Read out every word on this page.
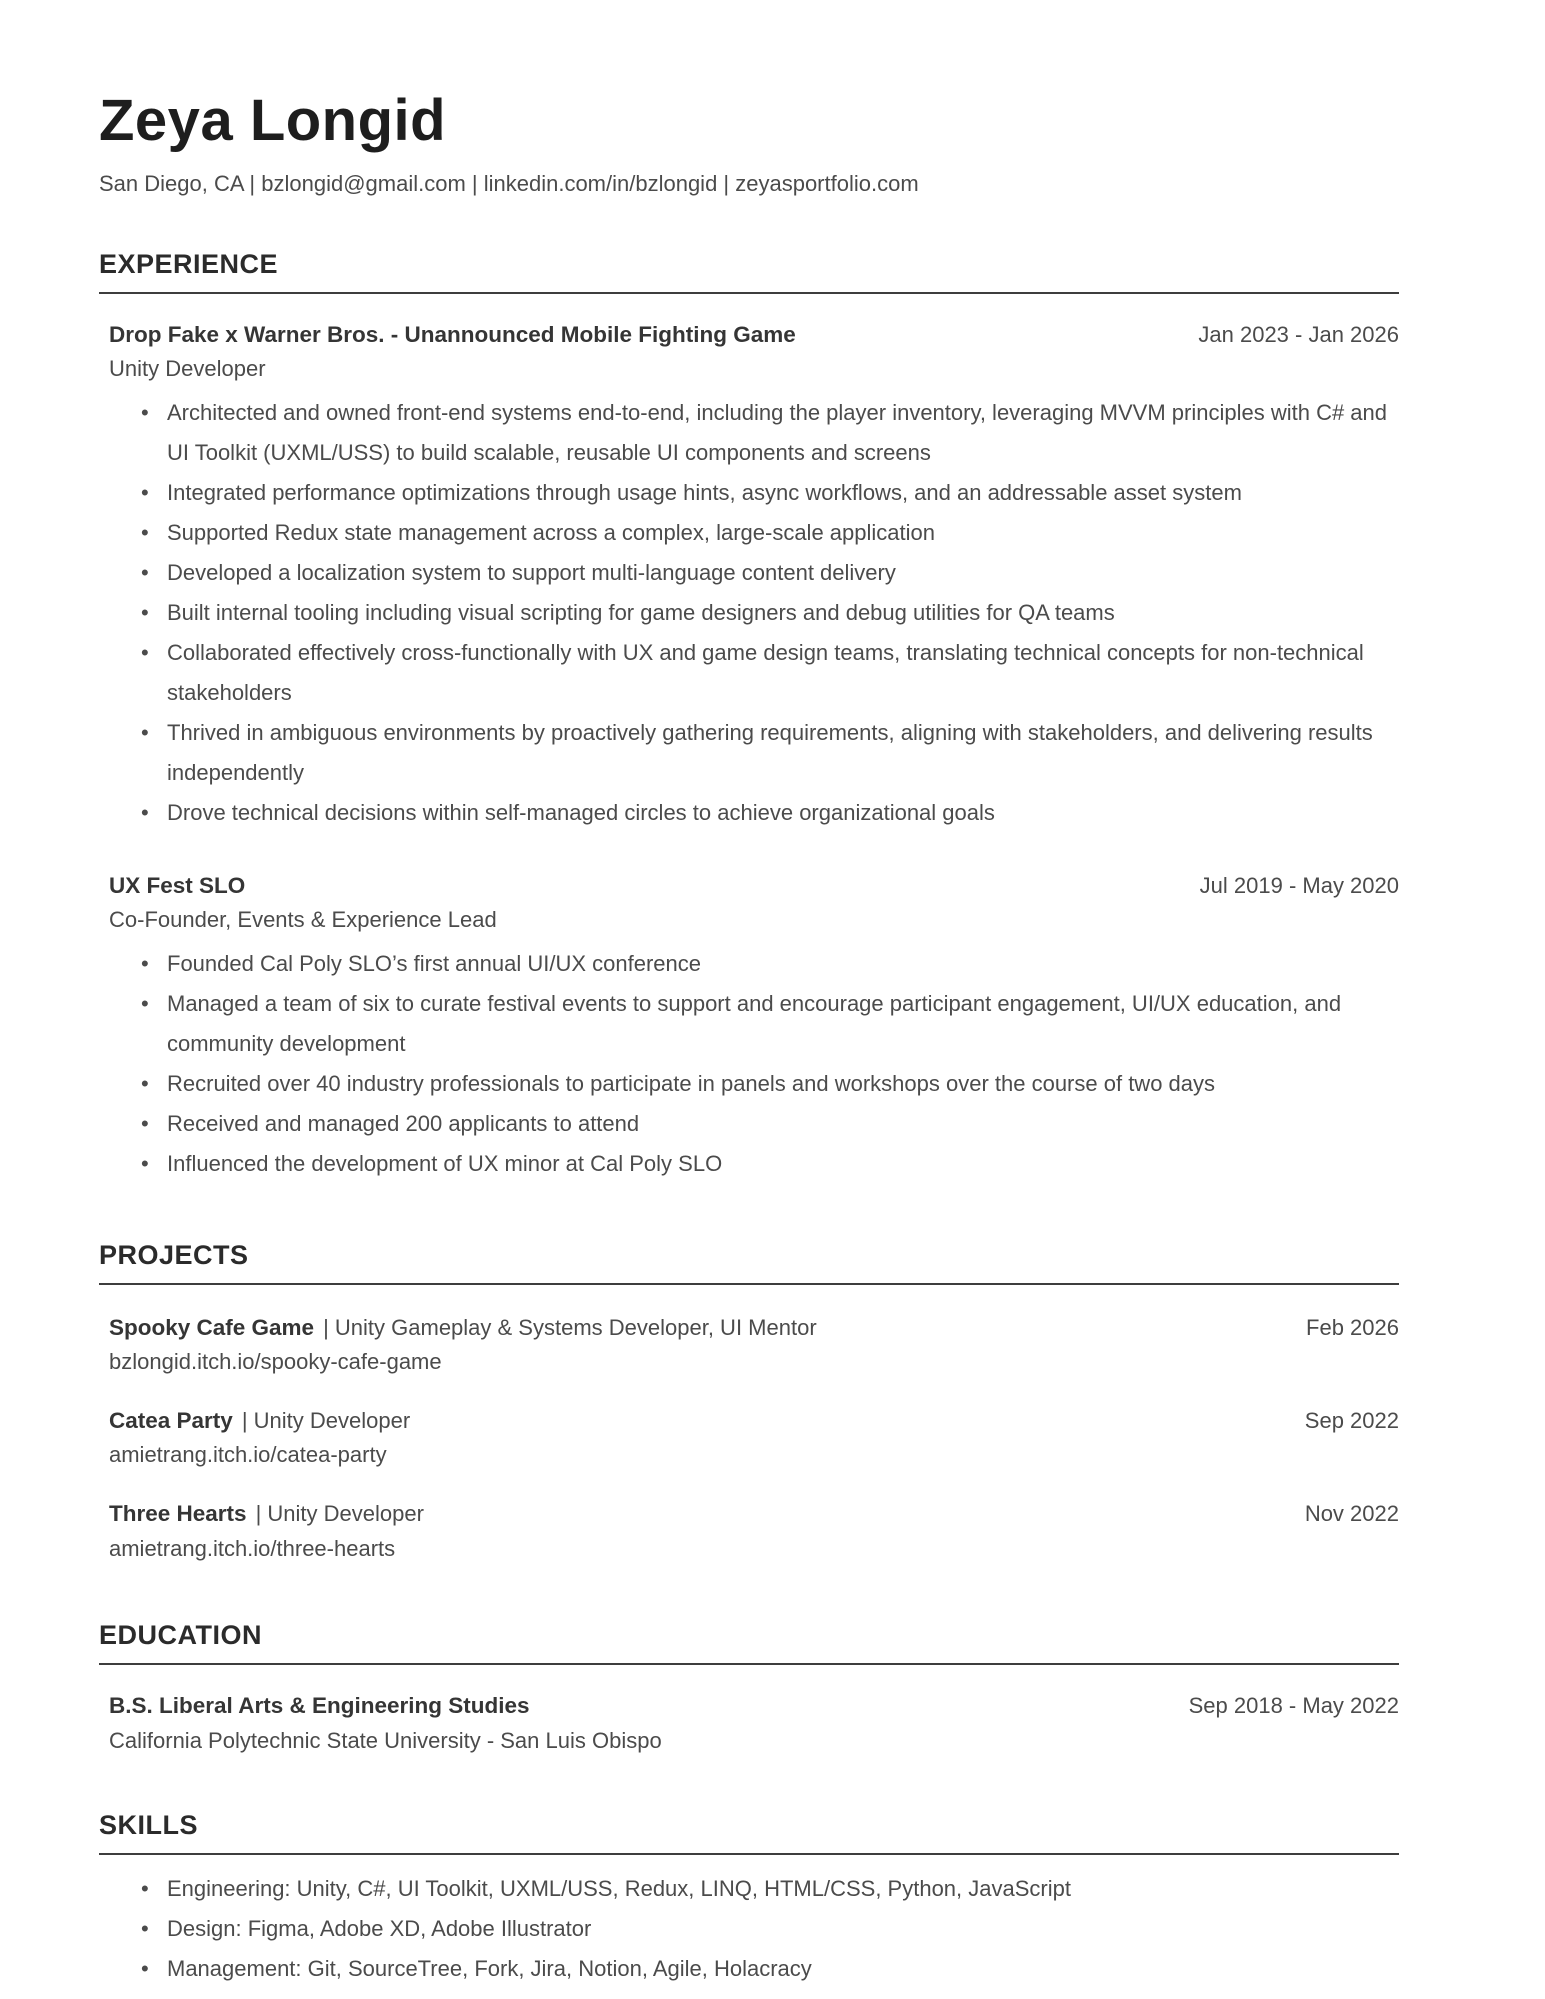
Zeya Longid

San Diego, CA | bzlongid@gmail.com | linkedin.com/in/bzlongid | zeyasportfolio.com

EXPERIENCE
Drop Fake x Warner Bros. - Unannounced Mobile Fighting Game	Jan 2023 - Jan 2026
Unity Developer
• Architected and owned front-end systems end-to-end, including the player inventory, leveraging MVVM principles with C# and UI Toolkit (UXML/USS) to build scalable, reusable UI components and screens
• Integrated performance optimizations through usage hints, async workflows, and an addressable asset system
• Supported Redux state management across a complex, large-scale application
• Developed a localization system to support multi-language content delivery
• Built internal tooling including visual scripting for game designers and debug utilities for QA teams
• Collaborated effectively cross-functionally with UX and game design teams, translating technical concepts for non-technical stakeholders
• Thrived in ambiguous environments by proactively gathering requirements, aligning with stakeholders, and delivering results independently
• Drove technical decisions within self-managed circles to achieve organizational goals
UX Fest SLO	Jul 2019 - May 2020
Co-Founder, Events & Experience Lead
• Founded Cal Poly SLO’s first annual UI/UX conference
• Managed a team of six to curate festival events to support and encourage participant engagement, UI/UX education, and community development
• Recruited over 40 industry professionals to participate in panels and workshops over the course of two days
• Received and managed 200 applicants to attend
• Influenced the development of UX minor at Cal Poly SLO
PROJECTS
Spooky Cafe Game | Unity Gameplay & Systems Developer, UI Mentor	Feb 2026
bzlongid.itch.io/spooky-cafe-game
Catea Party | Unity Developer	Sep 2022
amietrang.itch.io/catea-party
Three Hearts | Unity Developer	Nov 2022
amietrang.itch.io/three-hearts
EDUCATION
B.S. Liberal Arts & Engineering Studies	Sep 2018 - May 2022
California Polytechnic State University - San Luis Obispo
SKILLS
• Engineering: Unity, C#, UI Toolkit, UXML/USS, Redux, LINQ, HTML/CSS, Python, JavaScript
• Design: Figma, Adobe XD, Adobe Illustrator
• Management: Git, SourceTree, Fork, Jira, Notion, Agile, Holacracy
